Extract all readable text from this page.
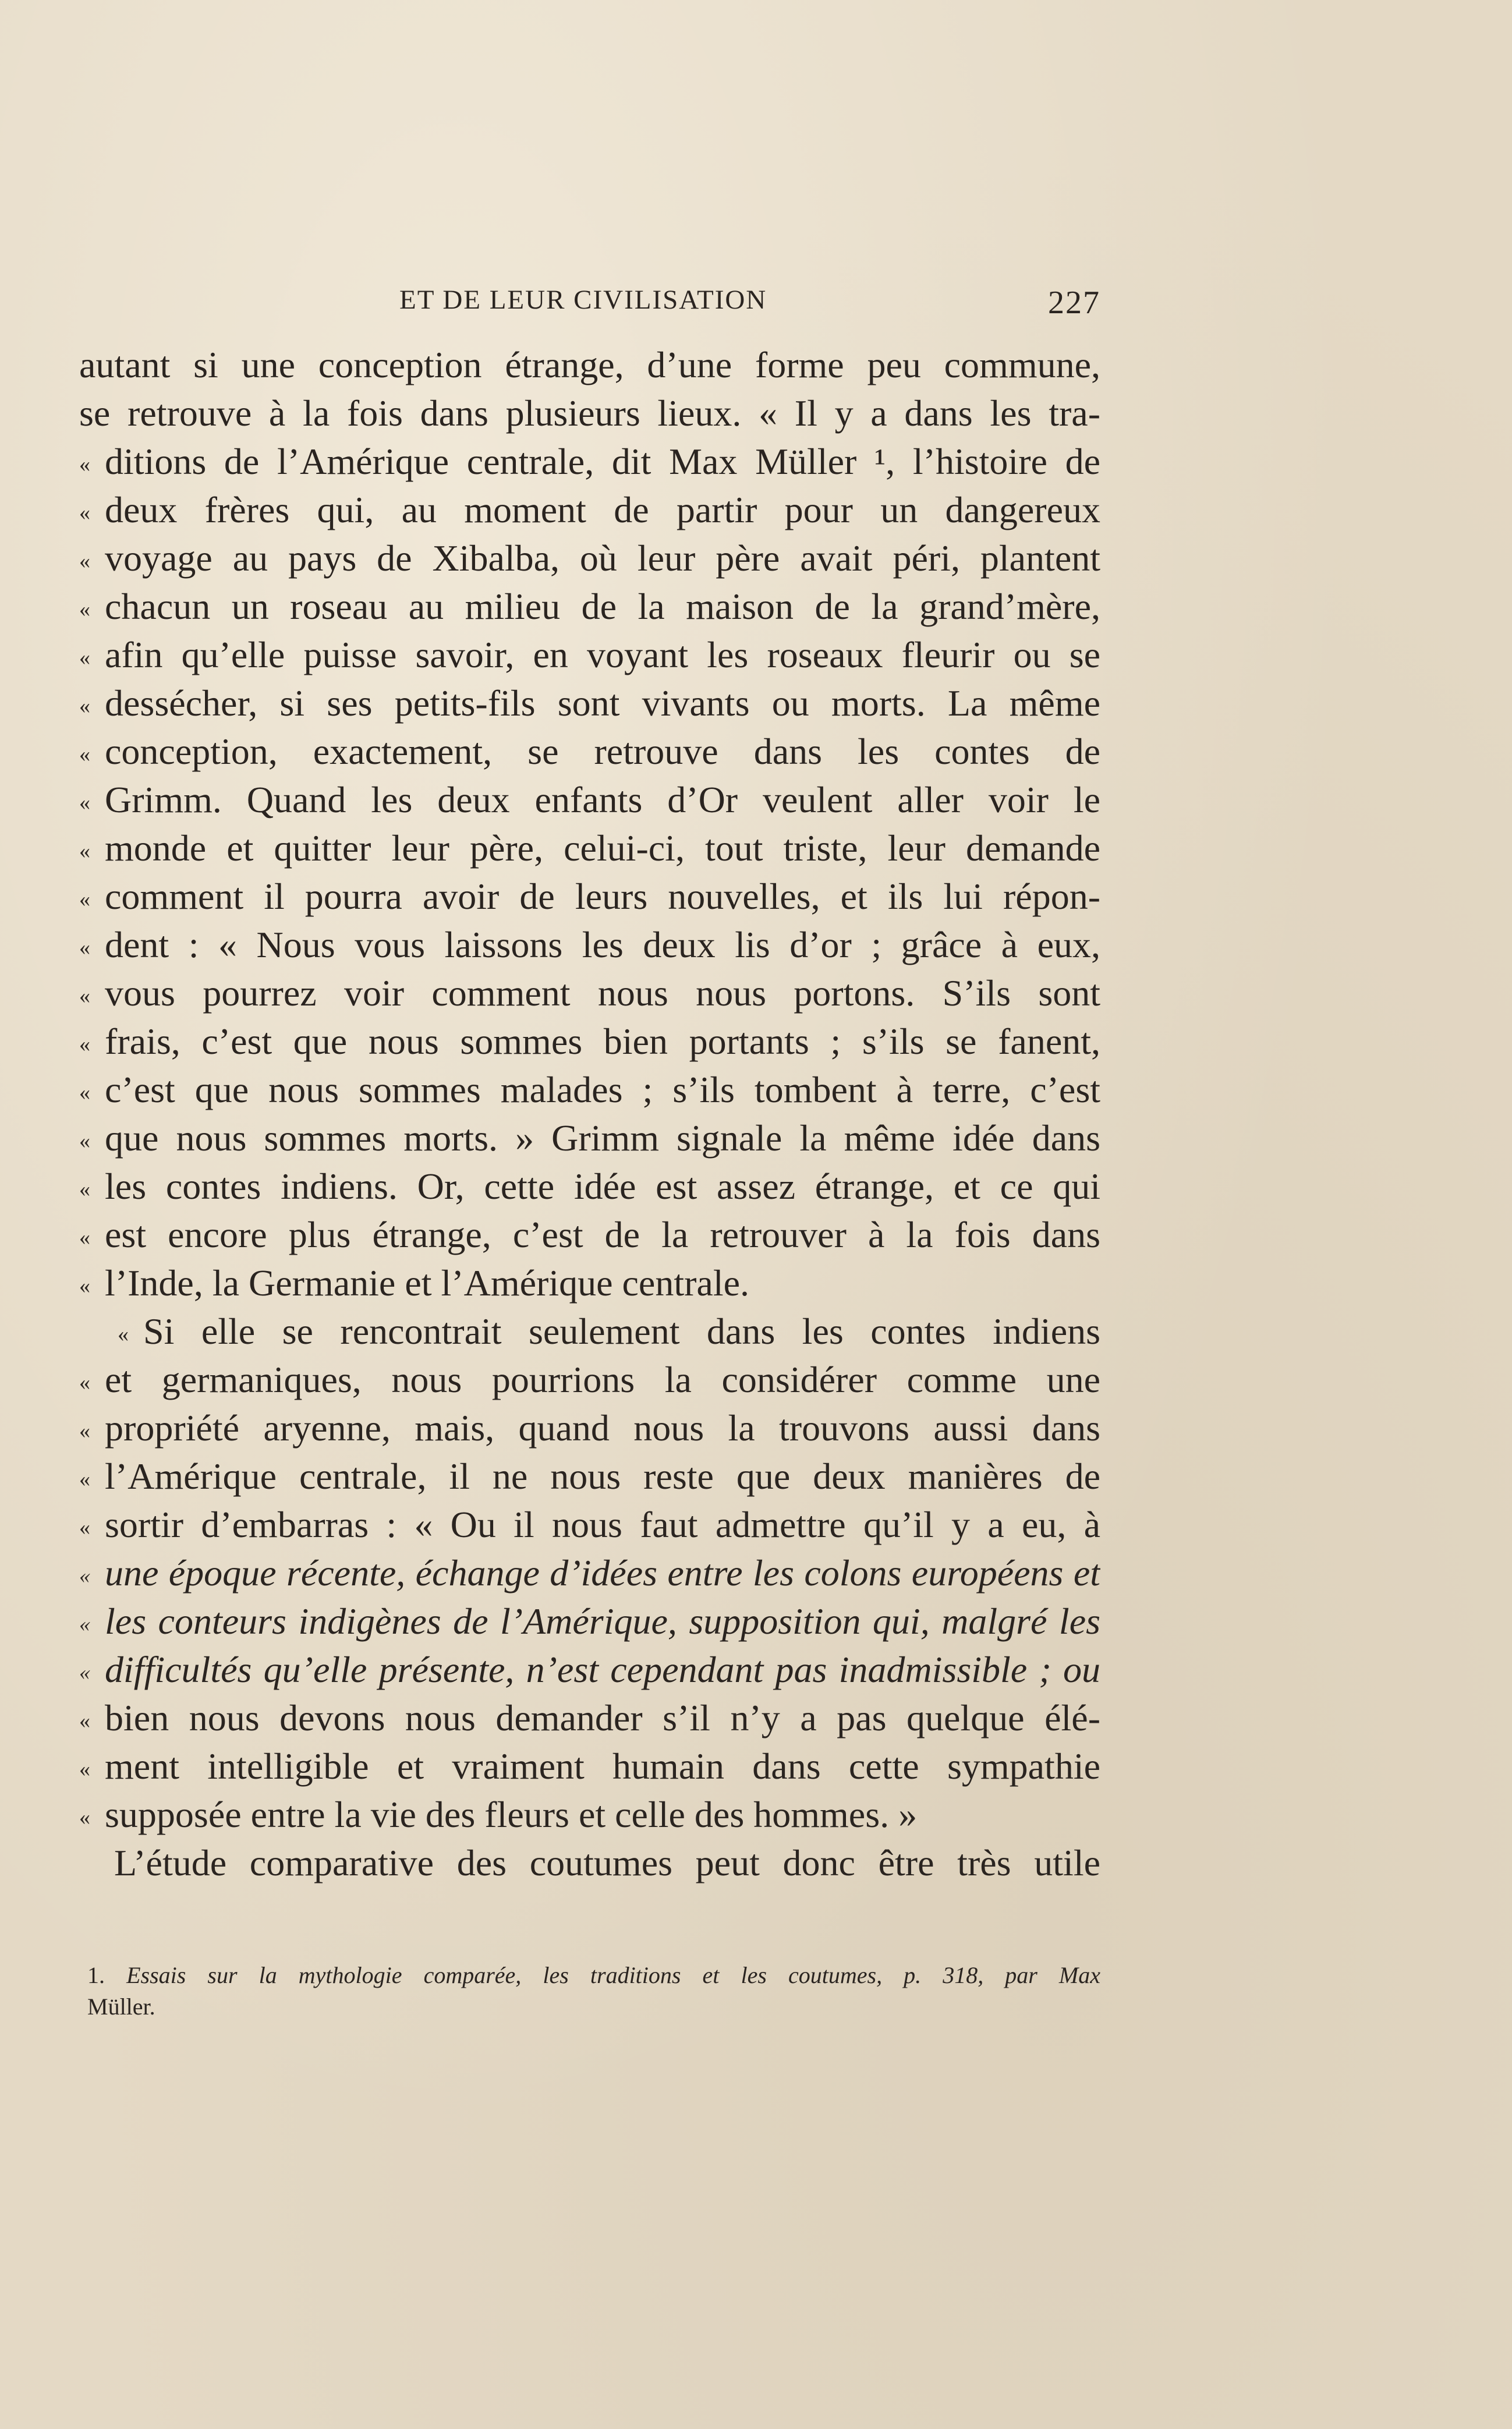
ET DE LEUR CIVILISATION	227
autant si une conception étrange, d’une forme peu commune,
se retrouve à la fois dans plusieurs lieux. « Il y a dans les tra-
« ditions de l’Amérique centrale, dit Max Müller ¹, l’histoire de
« deux frères qui, au moment de partir pour un dangereux
« voyage au pays de Xibalba, où leur père avait péri, plantent
« chacun un roseau au milieu de la maison de la grand’mère,
« afin qu’elle puisse savoir, en voyant les roseaux fleurir ou se
« dessécher, si ses petits-fils sont vivants ou morts. La même
« conception, exactement, se retrouve dans les contes de
« Grimm. Quand les deux enfants d’Or veulent aller voir le
« monde et quitter leur père, celui-ci, tout triste, leur demande
« comment il pourra avoir de leurs nouvelles, et ils lui répon-
« dent : « Nous vous laissons les deux lis d’or ; grâce à eux,
« vous pourrez voir comment nous nous portons. S’ils sont
« frais, c’est que nous sommes bien portants ; s’ils se fanent,
« c’est que nous sommes malades ; s’ils tombent à terre, c’est
« que nous sommes morts. » Grimm signale la même idée dans
« les contes indiens. Or, cette idée est assez étrange, et ce qui
« est encore plus étrange, c’est de la retrouver à la fois dans
« l’Inde, la Germanie et l’Amérique centrale.
« Si elle se rencontrait seulement dans les contes indiens
« et germaniques, nous pourrions la considérer comme une
« propriété aryenne, mais, quand nous la trouvons aussi dans
« l’Amérique centrale, il ne nous reste que deux manières de
« sortir d’embarras : « Ou il nous faut admettre qu’il y a eu, à
« une époque récente, échange d’idées entre les colons européens et
« les conteurs indigènes de l’Amérique, supposition qui, malgré les
« difficultés qu’elle présente, n’est cependant pas inadmissible ; ou
« bien nous devons nous demander s’il n’y a pas quelque élé-
« ment intelligible et vraiment humain dans cette sympathie
« supposée entre la vie des fleurs et celle des hommes. »
L’étude comparative des coutumes peut donc être très utile
1. Essais sur la mythologie comparée, les traditions et les coutumes, p. 318, par Max
Müller.
